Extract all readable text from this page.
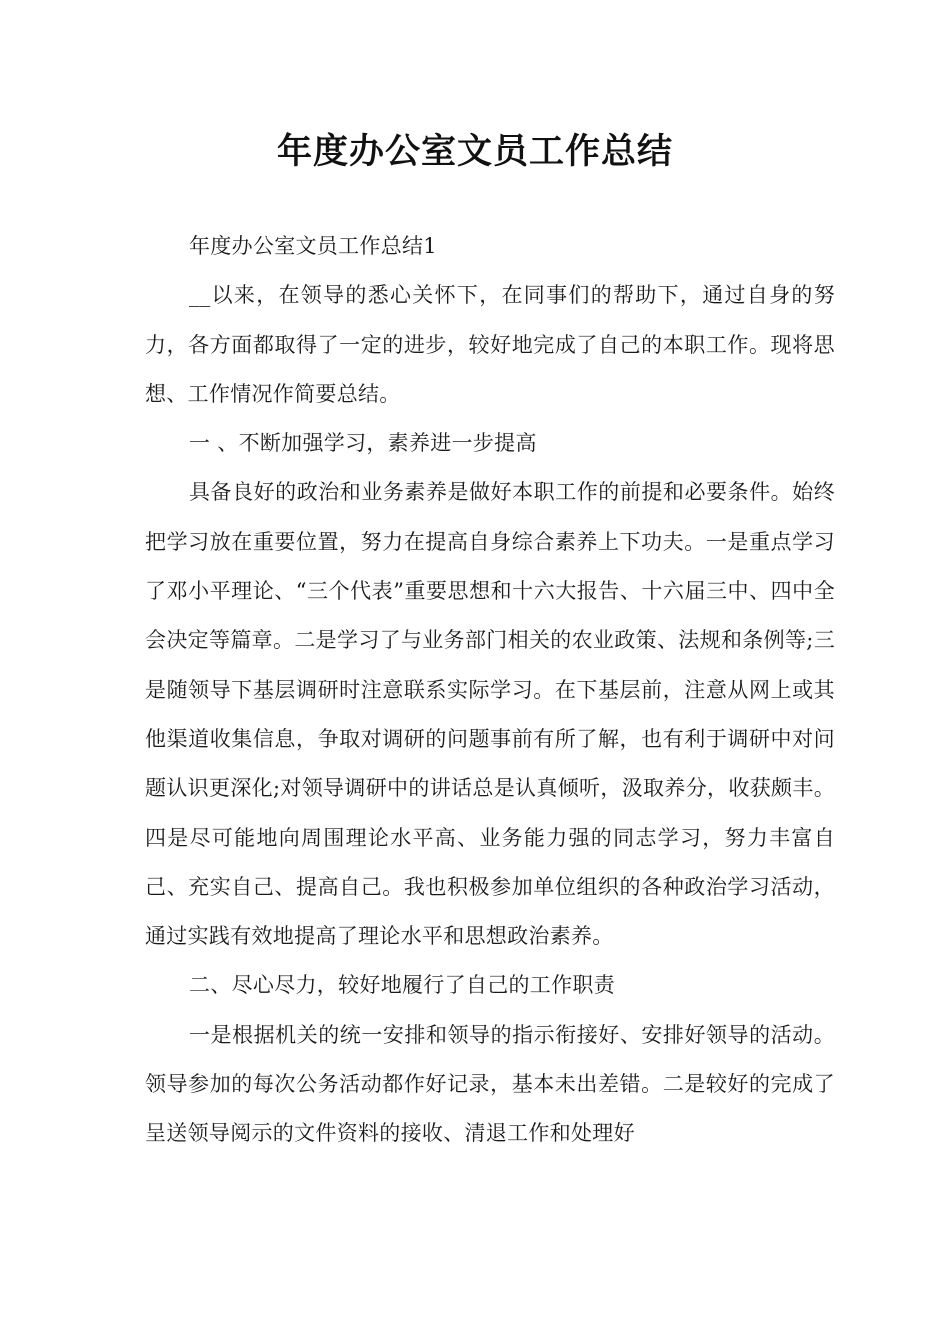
年度办公室文员工作总结

年度办公室文员工作总结1

__以来，在领导的悉心关怀下，在同事们的帮助下，通过自身的努力，各方面都取得了一定的进步，较好地完成了自己的本职工作。现将思想、工作情况作简要总结。

一 、不断加强学习，素养进一步提高

具备良好的政治和业务素养是做好本职工作的前提和必要条件。始终把学习放在重要位置，努力在提高自身综合素养上下功夫。一是重点学习了邓小平理论、“三个代表”重要思想和十六大报告、十六届三中、四中全会决定等篇章。二是学习了与业务部门相关的农业政策、法规和条例等;三是随领导下基层调研时注意联系实际学习。在下基层前，注意从网上或其他渠道收集信息，争取对调研的问题事前有所了解，也有利于调研中对问题认识更深化;对领导调研中的讲话总是认真倾听，汲取养分，收获颇丰。四是尽可能地向周围理论水平高、业务能力强的同志学习，努力丰富自己、充实自己、提高自己。我也积极参加单位组织的各种政治学习活动，通过实践有效地提高了理论水平和思想政治素养。

二、尽心尽力，较好地履行了自己的工作职责

一是根据机关的统一安排和领导的指示衔接好、安排好领导的活动。领导参加的每次公务活动都作好记录，基本未出差错。二是较好的完成了呈送领导阅示的文件资料的接收、清退工作和处理好
